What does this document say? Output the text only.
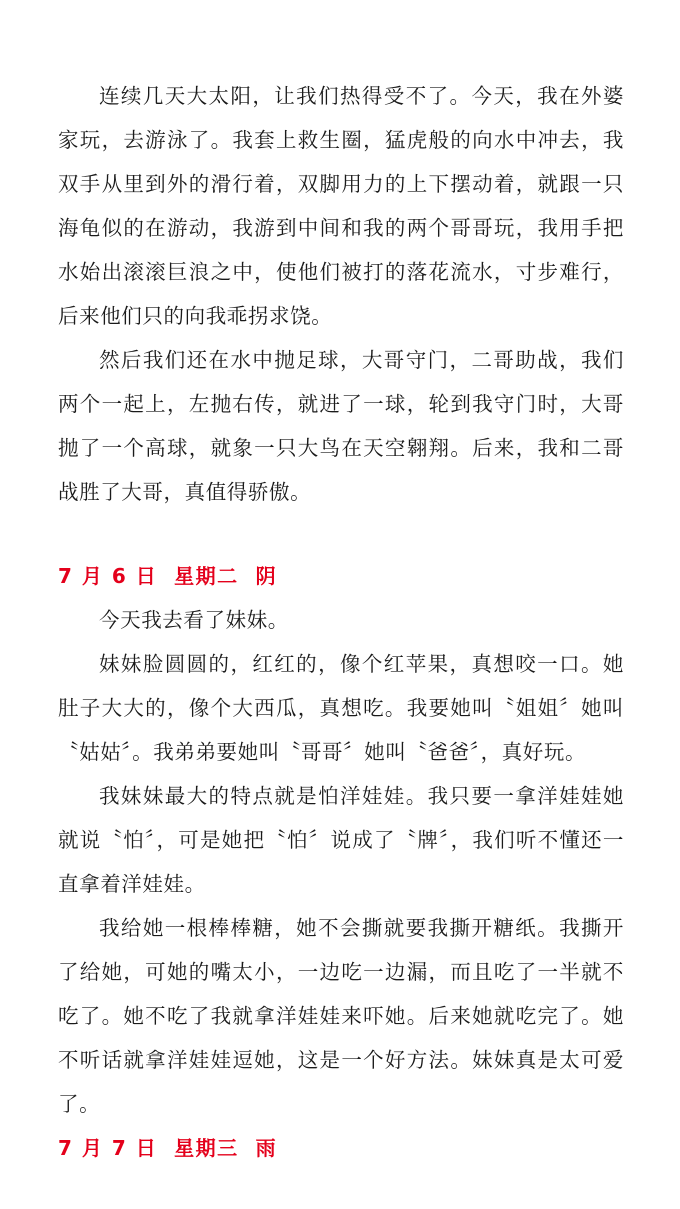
连续几天大太阳，让我们热得受不了。今天，我在外婆家玩，去游泳了。我套上救生圈，猛虎般的向水中冲去，我双手从里到外的滑行着，双脚用力的上下摆动着，就跟一只海龟似的在游动，我游到中间和我的两个哥哥玩，我用手把水始出滚滚巨浪之中，使他们被打的落花流水，寸步难行，后来他们只的向我乖拐求饶。

然后我们还在水中抛足球，大哥守门，二哥助战，我们两个一起上，左抛右传，就进了一球，轮到我守门时，大哥抛了一个高球，就象一只大鸟在天空翱翔。后来，我和二哥战胜了大哥，真值得骄傲。

7 月 6 日  星期二  阴

今天我去看了妹妹。

妹妹脸圆圆的，红红的，像个红苹果，真想咬一口。她肚子大大的，像个大西瓜，真想吃。我要她叫〝姐姐〞她叫〝姑姑〞。我弟弟要她叫〝哥哥〞她叫〝爸爸〞，真好玩。

我妹妹最大的特点就是怕洋娃娃。我只要一拿洋娃娃她就说〝怕〞，可是她把〝怕〞说成了〝牌〞，我们听不懂还一直拿着洋娃娃。

我给她一根棒棒糖，她不会撕就要我撕开糖纸。我撕开了给她，可她的嘴太小，一边吃一边漏，而且吃了一半就不吃了。她不吃了我就拿洋娃娃来吓她。后来她就吃完了。她不听话就拿洋娃娃逗她，这是一个好方法。妹妹真是太可爱了。

7 月 7 日  星期三  雨
